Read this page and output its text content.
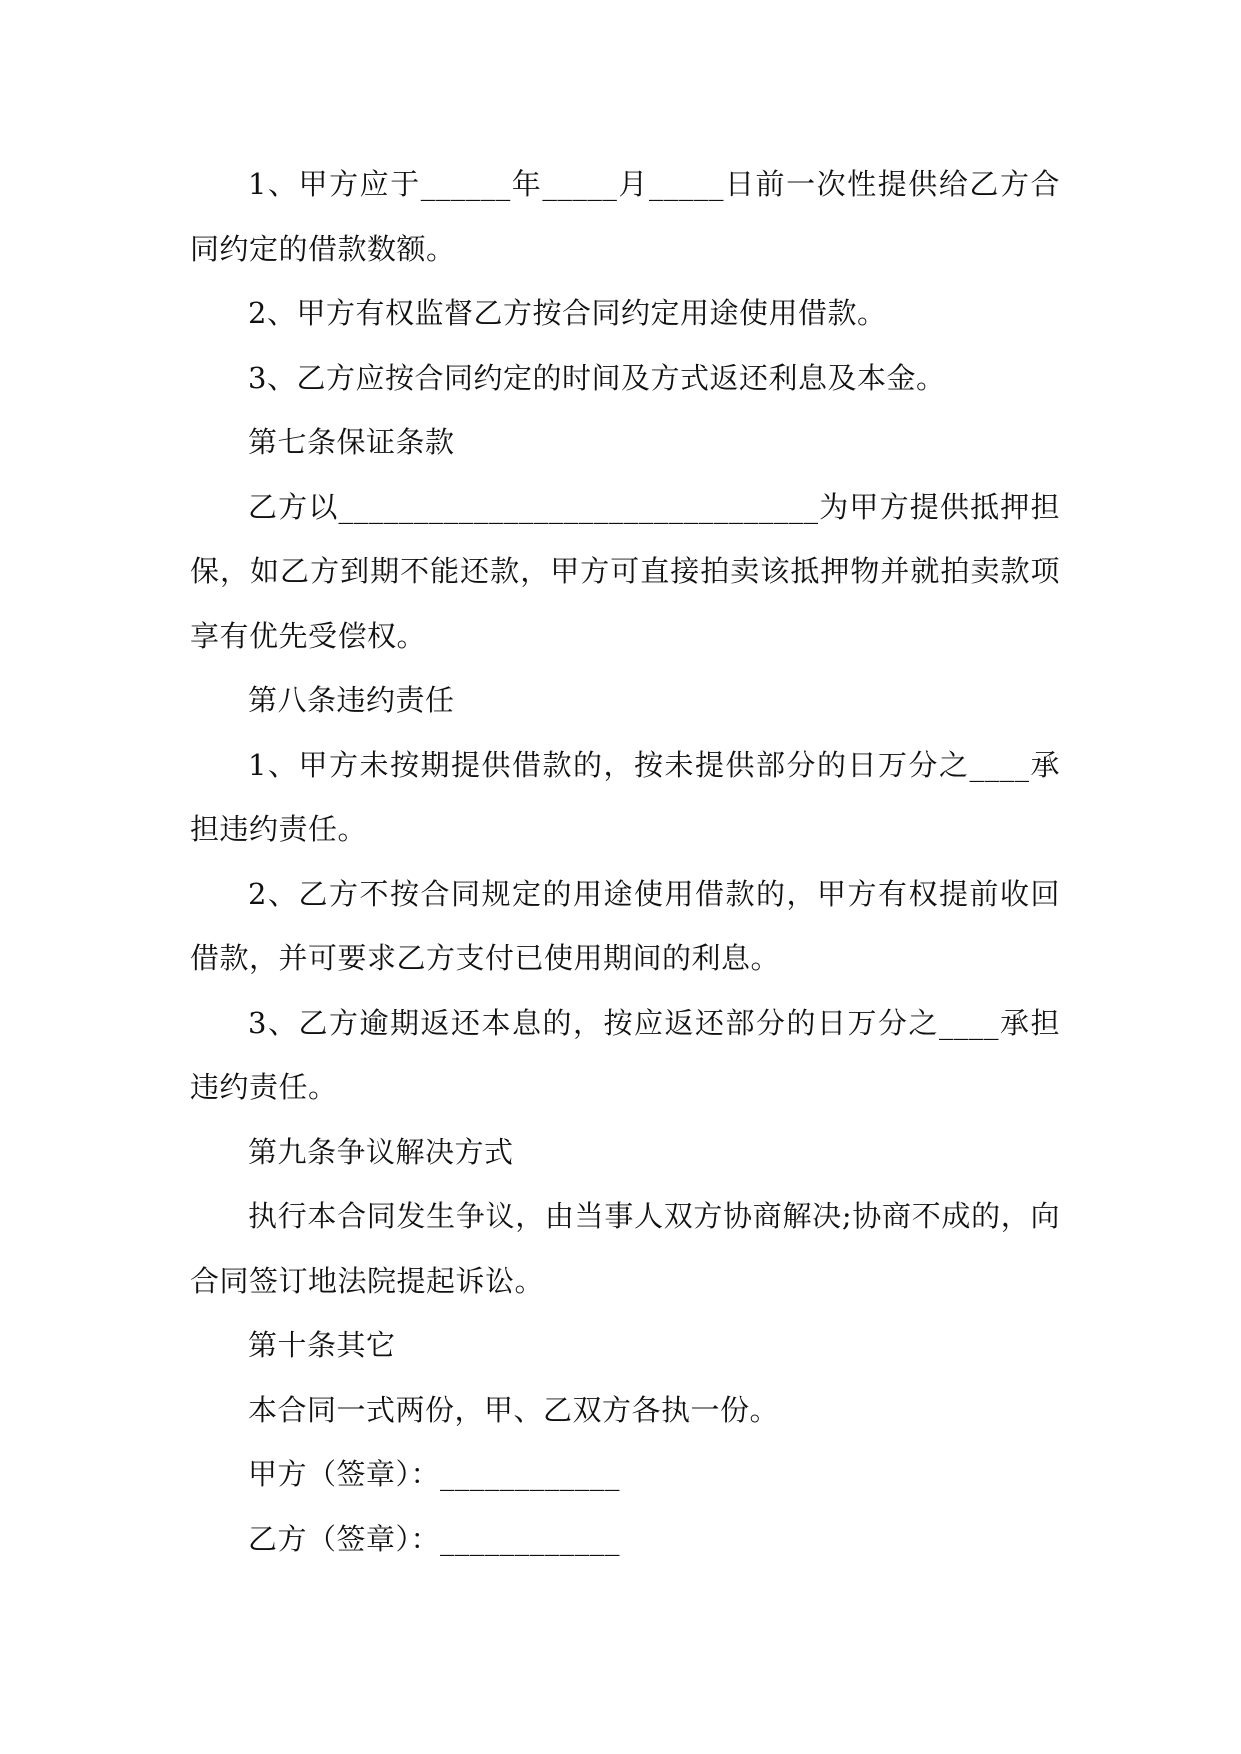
1、甲方应于______年_____月_____日前一次性提供给乙方合同约定的借款数额。

2、甲方有权监督乙方按合同约定用途使用借款。

3、乙方应按合同约定的时间及方式返还利息及本金。

第七条保证条款

乙方以________________________________为甲方提供抵押担保，如乙方到期不能还款，甲方可直接拍卖该抵押物并就拍卖款项享有优先受偿权。

第八条违约责任

1、甲方未按期提供借款的，按未提供部分的日万分之____承担违约责任。

2、乙方不按合同规定的用途使用借款的，甲方有权提前收回借款，并可要求乙方支付已使用期间的利息。

3、乙方逾期返还本息的，按应返还部分的日万分之____承担违约责任。

第九条争议解决方式

执行本合同发生争议，由当事人双方协商解决;协商不成的，向合同签订地法院提起诉讼。

第十条其它

本合同一式两份，甲、乙双方各执一份。

甲方（签章）：____________

乙方（签章）：____________
